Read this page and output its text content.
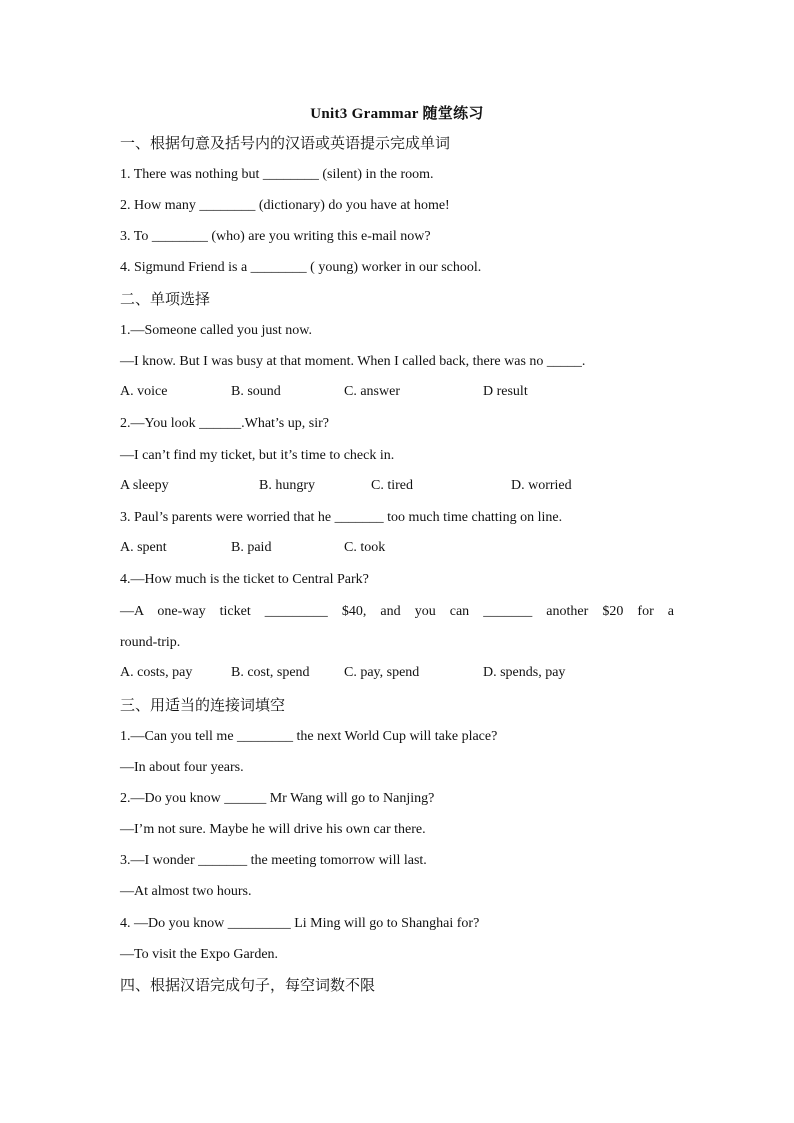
Unit3 Grammar 随堂练习
一、根据句意及括号内的汉语或英语提示完成单词
1. There was nothing but ________ (silent) in the room.
2. How many ________ (dictionary) do you have at home!
3. To ________ (who) are you writing this e-mail now?
4. Sigmund Friend is a ________ ( young) worker in our school.
二、单项选择
1.—Someone called you just now.
—I know. But I was busy at that moment. When I called back, there was no _____.
A. voice	B. sound	C. answer	D result
2.—You look ______.What’s up, sir?
—I can’t find my ticket, but it’s time to check in.
A sleepy	B. hungry	C. tired	D. worried
3. Paul’s parents were worried that he _______ too much time chatting on line.
A. spent	B. paid	C. took
4.—How much is the ticket to Central Park?
—A one-way ticket _________ $40, and you can _______ another $20 for a
round-trip.
A. costs, pay	B. cost, spend C. pay, spend	D. spends, pay
三、用适当的连接词填空
1.—Can you tell me ________ the next World Cup will take place?
—In about four years.
2.—Do you know ______ Mr Wang will go to Nanjing?
—I’m not sure. Maybe he will drive his own car there.
3.—I wonder _______ the meeting tomorrow will last.
—At almost two hours.
4. —Do you know _________ Li Ming will go to Shanghai for?
—To visit the Expo Garden.
四、根据汉语完成句子，每空词数不限
